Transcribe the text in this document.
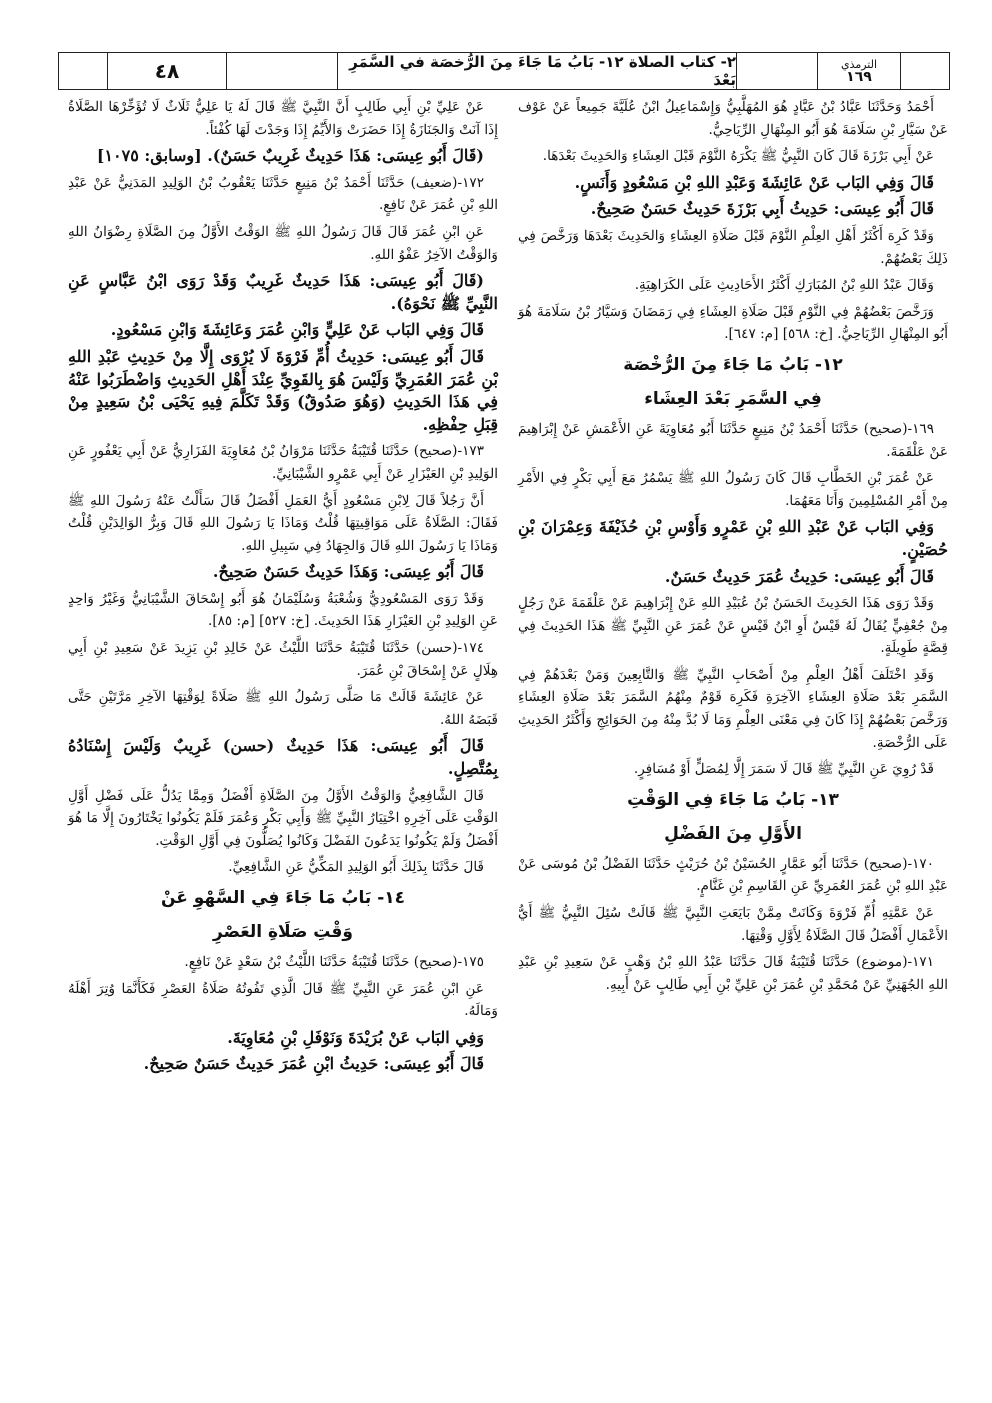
٤٨	٢- كتاب الصلاة ١٢- بَابُ مَا جَاءَ مِنَ الرُّخصَة في السَّمَرِ بَعْدَ
الترمذي
١٦٩

أَحْمَدُ وَحَدَّثَنَا عَبَّادُ بْنُ عَبَّادٍ هُوَ المُهَلَّبِيُّ وَإِسْمَاعِيلُ ابْنُ عُلَيَّةَ جَمِيعاً عَنْ عَوْف عَنْ سَيَّارِ بْنِ سَلَامَةَ هُوَ أَبُو المِنْهَالِ الرِّيَاحِيُّ.

عَنْ أَبِي بَرْزَةَ قَالَ كَانَ النَّبِيُّ ﷺ يَكْرَهُ النَّوْمَ قَبْلَ العِشَاءِ وَالحَدِيثَ بَعْدَهَا.

قَالَ وَفِي البَاب عَنْ عَائِشَةَ وَعَبْدِ اللهِ بْنِ مَسْعُودٍ وَأَنَسٍ.

قَالَ أَبُو عِيسَى: حَدِيثُ أَبِي بَرْزَةَ حَدِيثٌ حَسَنٌ صَحِيحٌ.

وَقَدْ كَرِهَ أَكْثَرُ أَهْلِ العِلْمِ النَّوْمَ قَبْلَ صَلَاةِ العِشَاءِ وَالحَدِيثَ بَعْدَهَا وَرَخَّصَ فِي ذَلِكَ بَعْضُهُمْ.

وَقَالَ عَبْدُ اللهِ بْنُ المُبَارَكِ أَكْثَرُ الأَحَادِيثِ عَلَى الكَرَاهِيَةِ.

وَرَخَّصَ بَعْضُهُمْ فِي النَّوْمِ قَبْلَ صَلَاةِ العِشَاءِ فِي رَمَضَانَ وَسَيَّارُ بْنُ سَلَامَةَ هُوَ أَبُو المِنْهَالِ الرِّيَاحِيُّ. [خ: ٥٦٨] [م: ٦٤٧].

١٢- بَابُ مَا جَاءَ مِنَ الرُّخْصَة

فِي السَّمَرِ بَعْدَ العِشَاء

١٦٩-(صحيح) حَدَّثَنَا أَحْمَدُ بْنُ مَنِيعٍ حَدَّثَنَا أَبُو مُعَاوِيَةَ عَنِ الأَعْمَشِ عَنْ إِبْرَاهِيمَ عَنْ عَلْقَمَةَ.

عَنْ عُمَرَ بْنِ الخَطَّابِ قَالَ كَانَ رَسُولُ اللهِ ﷺ يَسْمُرُ مَعَ أَبِي بَكْرٍ فِي الأَمْرِ مِنْ أَمْرِ المُسْلِمِينَ وَأَنَا مَعَهُمَا.

وَفِي البَاب عَنْ عَبْدِ اللهِ بْنِ عَمْرٍو وَأَوْسِ بْنِ حُذَيْفَةَ وَعِمْرَانَ بْنِ حُصَيْنٍ.

قَالَ أَبُو عِيسَى: حَدِيثُ عُمَرَ حَدِيثٌ حَسَنٌ.

وَقَدْ رَوَى هَذَا الحَدِيثَ الحَسَنُ بْنُ عُبَيْدِ اللهِ عَنْ إِبْرَاهِيمَ عَنْ عَلْقَمَةَ عَنْ رَجُلٍ مِنْ جُعْفِيٍّ يُقَالُ لَهُ قَيْسٌ أَوِ ابْنُ قَيْسٍ عَنْ عُمَرَ عَنِ النَّبِيِّ ﷺ هَذَا الحَدِيثَ فِي قِصَّةٍ طَوِيلَةٍ.

وَقَدِ اخْتَلَفَ أَهْلُ العِلْمِ مِنْ أَصْحَابِ النَّبِيِّ ﷺ وَالتَّابِعِينَ وَمَنْ بَعْدَهُمْ فِي السَّمَرِ بَعْدَ صَلَاةِ العِشَاءِ الآخِرَةِ فَكَرِهَ قَوْمٌ مِنْهُمُ السَّمَرَ بَعْدَ صَلَاةِ العِشَاءِ وَرَخَّصَ بَعْضُهُمْ إِذَا كَانَ فِي مَعْنَى العِلْمِ وَمَا لَا بُدَّ مِنْهُ مِنَ الحَوَائِجِ وَأَكْثَرُ الحَدِيثِ عَلَى الرُّخْصَةِ.

قَدْ رُوِيَ عَنِ النَّبِيِّ ﷺ قَالَ لَا سَمَرَ إِلَّا لِمُصَلٍّ أَوْ مُسَافِرٍ.

١٣- بَابُ مَا جَاءَ فِي الوَقْتِ

الأَوَّلِ مِنَ الفَضْلِ

١٧٠-(صحيح) حَدَّثَنَا أَبُو عَمَّارٍ الحُسَيْنُ بْنُ حُرَيْثٍ حَدَّثَنَا الفَضْلُ بْنُ مُوسَى عَنْ عَبْدِ اللهِ بْنِ عُمَرَ العُمَرِيِّ عَنِ القَاسِمِ بْنِ غَنَّامٍ.

عَنْ عَمَّتِهِ أُمِّ فَرْوَةَ وَكَانَتْ مِمَّنْ بَايَعَتِ النَّبِيَّ ﷺ قَالَتْ سُئِلَ النَّبِيُّ ﷺ أَيُّ الأَعْمَالِ أَفْضَلُ قَالَ الصَّلَاةُ لِأَوَّلِ وَقْتِهَا.

١٧١-(موضوع) حَدَّثَنَا قُتَيْبَةُ قَالَ حَدَّثَنَا عَبْدُ اللهِ بْنُ وَهْبٍ عَنْ سَعِيدِ بْنِ عَبْدِ اللهِ الجُهَنِيِّ عَنْ مُحَمَّدِ بْنِ عُمَرَ بْنِ عَلِيِّ بْنِ أَبِي طَالِبٍ عَنْ أَبِيهِ.

عَنْ عَلِيِّ بْنِ أَبِي طَالِبٍ أَنَّ النَّبِيَّ ﷺ قَالَ لَهُ يَا عَلِيُّ ثَلَاثٌ لَا تُؤَخِّرْهَا الصَّلَاةُ إِذَا آنَتْ وَالجَنَازَةُ إِذَا حَضَرَتْ وَالأَيِّمُ إِذَا وَجَدْتَ لَهَا كُفْئاً.

(قَالَ أَبُو عِيسَى: هَذَا حَدِيثٌ غَرِيبٌ حَسَنٌ). [وسابق: ١٠٧٥]

١٧٢-(ضعيف) حَدَّثَنَا أَحْمَدُ بْنُ مَنِيعٍ حَدَّثَنَا يَعْقُوبُ بْنُ الوَلِيدِ المَدَنِيُّ عَنْ عَبْدِ اللهِ بْنِ عُمَرَ عَنْ نَافِعٍ.

عَنِ ابْنِ عُمَرَ قَالَ قَالَ رَسُولُ اللهِ ﷺ الوَقْتُ الأَوَّلُ مِنَ الصَّلَاةِ رِضْوَانُ اللهِ وَالوَقْتُ الآخِرُ عَفْوُ اللهِ.

(قَالَ أَبُو عِيسَى: هَذَا حَدِيثٌ غَرِيبٌ وَقَدْ رَوَى ابْنُ عَبَّاسٍ عَنِ النَّبِيِّ ﷺ نَحْوَهُ).

قَالَ وَفِي البَاب عَنْ عَلِيٍّ وَابْنِ عُمَرَ وَعَائِشَةَ وَابْنِ مَسْعُودٍ.

قَالَ أَبُو عِيسَى: حَدِيثُ أُمِّ فَرْوَةَ لَا يُرْوَى إِلَّا مِنْ حَدِيثِ عَبْدِ اللهِ بْنِ عُمَرَ العُمَرِيِّ وَلَيْسَ هُوَ بِالقَوِيِّ عِنْدَ أَهْلِ الحَدِيثِ وَاضْطَرَبُوا عَنْهُ فِي هَذَا الحَدِيثِ (وَهُوَ صَدُوقٌ) وَقَدْ تَكَلَّمَ فِيهِ يَحْيَى بْنُ سَعِيدٍ مِنْ قِبَلِ حِفْظِهِ.

١٧٣-(صحيح) حَدَّثَنَا قُتَيْبَةُ حَدَّثَنَا مَرْوَانُ بْنُ مُعَاوِيَةَ الفَزَارِيُّ عَنْ أَبِي يَعْفُورٍ عَنِ الوَلِيدِ بْنِ العَيْزَارِ عَنْ أَبِي عَمْرٍو الشَّيْبَانِيِّ.

أَنَّ رَجُلاً قَالَ لِابْنِ مَسْعُودٍ أَيُّ العَمَلِ أَفْضَلُ قَالَ سَأَلْتُ عَنْهُ رَسُولَ اللهِ ﷺ فَقَالَ: الصَّلَاةُ عَلَى مَوَاقِيتِهَا قُلْتُ وَمَاذَا يَا رَسُولَ اللهِ قَالَ وَبِرُّ الوَالِدَيْنِ قُلْتُ وَمَاذَا يَا رَسُولَ اللهِ قَالَ وَالجِهَادُ فِي سَبِيلِ اللهِ.

قَالَ أَبُو عِيسَى: وَهَذَا حَدِيثٌ حَسَنٌ صَحِيحٌ.

وَقَدْ رَوَى المَسْعُودِيُّ وَشُعْبَةُ وَسُلَيْمَانُ هُوَ أَبُو إِسْحَاقَ الشَّيْبَانِيُّ وَغَيْرُ وَاحِدٍ عَنِ الوَلِيدِ بْنِ العَيْزَارِ هَذَا الحَدِيثَ. [خ: ٥٢٧] [م: ٨٥].

١٧٤-(حسن) حَدَّثَنَا قُتَيْبَةُ حَدَّثَنَا اللَّيْثُ عَنْ خَالِدِ بْنِ يَزِيدَ عَنْ سَعِيدِ بْنِ أَبِي هِلَالٍ عَنْ إِسْحَاقَ بْنِ عُمَرَ.

عَنْ عَائِشَةَ قَالَتْ مَا صَلَّى رَسُولُ اللهِ ﷺ صَلَاةً لِوَقْتِهَا الآخِرِ مَرَّتَيْنِ حَتَّى قَبَضَهُ اللهُ.

قَالَ أَبُو عِيسَى: هَذَا حَدِيثٌ (حسن) غَرِيبٌ وَلَيْسَ إِسْنَادُهُ بِمُتَّصِلٍ.

قَالَ الشَّافِعِيُّ وَالوَقْتُ الأَوَّلُ مِنَ الصَّلَاةِ أَفْضَلُ وَمِمَّا يَدُلُّ عَلَى فَضْلِ أَوَّلِ الوَقْتِ عَلَى آخِرِهِ اخْتِيَارُ النَّبِيِّ ﷺ وَأَبِي بَكْرٍ وَعُمَرَ فَلَمْ يَكُونُوا يَخْتَارُونَ إِلَّا مَا هُوَ أَفْضَلُ وَلَمْ يَكُونُوا يَدَعُونَ الفَضْلَ وَكَانُوا يُصَلُّونَ فِي أَوَّلِ الوَقْتِ.

قَالَ حَدَّثَنَا بِذَلِكَ أَبُو الوَلِيدِ المَكِّيُّ عَنِ الشَّافِعِيِّ.

١٤- بَابُ مَا جَاءَ فِي السَّهْوِ عَنْ

وَقْتِ صَلَاةِ العَصْرِ

١٧٥-(صحيح) حَدَّثَنَا قُتَيْبَةُ حَدَّثَنَا اللَّيْثُ بْنُ سَعْدٍ عَنْ نَافِعٍ.

عَنِ ابْنِ عُمَرَ عَنِ النَّبِيِّ ﷺ قَالَ الَّذِي تَفُوتُهُ صَلَاةُ العَصْرِ فَكَأَنَّمَا وُتِرَ أَهْلَهُ وَمَالَهُ.

وَفِي البَاب عَنْ بُرَيْدَةَ وَنَوْفَلِ بْنِ مُعَاوِيَةَ.

قَالَ أَبُو عِيسَى: حَدِيثُ ابْنِ عُمَرَ حَدِيثٌ حَسَنٌ صَحِيحٌ.
